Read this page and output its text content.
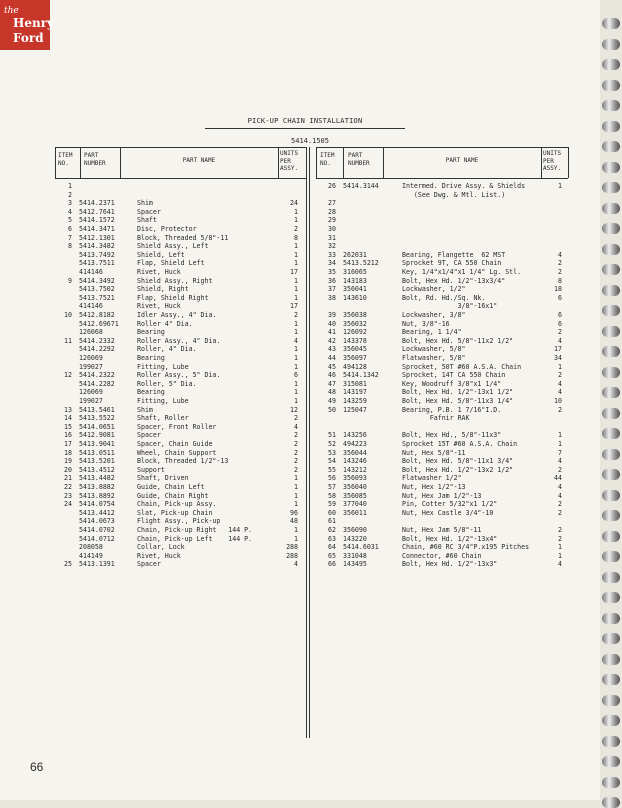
the
Henry
Ford
PICK-UP CHAIN INSTALLATION
5414.1505
ITEM NO.
PART NUMBER	PART NAME
UNITS PER ASSY.
ITEM NO.
PART NUMBER	PART NAME
UNITS PER ASSY.
1
2
3 5414.2371	Shim	24
4 5412.7641	Spacer	1
5 5414.1572	Shaft	1
6 5414.3471	Disc, Protector	2
7 5412.1301	Block, Threaded 5/8"-11	8
8 5414.3482	Shield Assy., Left	1
5413.7492	Shield, Left	1
5413.7511	Flap, Shield Left	1
414146	Rivet, Huck	17
9 5414.3492	Shield Assy., Right	1
5413.7502	Shield, Right	1
5413.7521	Flap, Shield Right	1
414146	Rivet, Huck	17
10 5412.8182	Idler Assy., 4" Dia.	2
5412.69671	Roller 4" Dia.	1
126068	Bearing	1
11 5414.2332	Roller Assy., 4" Dia.	4
5414.2292	Roller, 4" Dia.	1
126069	Bearing	1
199027	Fitting, Lube	1
12 5414.2322	Roller Assy., 5" Dia.	6
5414.2282	Roller, 5" Dia.	1
126069	Bearing	1
199027	Fitting, Lube	1
13 5413.5461	Shim	12
14 5413.5522	Shaft, Roller	2
15 5414.0651	Spacer, Front Roller	4
16 5412.9081	Spacer	2
17 5413.9041	Spacer, Chain Guide	2
18 5413.0511	Wheel, Chain Support	2
19 5413.5201	Block, Threaded 1/2"-13	2
20 5413.4512	Support	2
21 5413.4482	Shaft, Driven	1
22 5413.8882	Guide, Chain Left	1
23 5413.8892	Guide, Chain Right	1
24 5414.0754	Chain, Pick-up Assy.	1
5413.4412	Slat, Pick-up Chain	96
5414.0673	Flight Assy., Pick-up	48
5414.0702	Chain, Pick-up Right   144 P.	1
5414.0712	Chain, Pick-up Left    144 P.	1
208058	Collar, Lock	288
414149	Rivet, Huck	288
25 5413.1391	Spacer	4
26 5414.3144	Intermed. Drive Assy. & Shields	1
(See Dwg. & Mtl. List.)
27
28
29
30
31
32
33 262031	Bearing, Flangette  62 MST	4
34 5413.5212	Sprocket 9T, CA 550 Chain	2
35 316065	Key, 1/4"x1/4"x1 1/4" Lg. Stl.	2
36 143183	Bolt, Hex Hd. 1/2"-13x3/4"	8
37 356041	Lockwasher, 1/2"	18
38 143610	Bolt, Rd. Hd./Sq. Nk.	6
3/8"-16x1"
39 356038	Lockwasher, 3/8"	6
40 356032	Nut, 3/8"-16	6
41 126092	Bearing, 1 1/4"	2
42 143378	Bolt, Hex Hd. 5/8"-11x2 1/2"	4
43 356045	Lockwasher, 5/8"	17
44 356097	Flatwasher, 5/8"	34
45 494128	Sprocket, 50T #60 A.S.A. Chain	1
46 5414.1342	Sprocket, 14T CA 550 Chain	2
47 315081	Key, Woodruff 3/8"x1 1/4"	4
48 143197	Bolt, Hex Hd. 1/2"-13x1 1/2"	4
49 143259	Bolt, Hex Hd. 5/8"-11x3 1/4"	10
50 125047	Bearing, P.B. 1 7/16"I.D.	2
Fafnir RAK
51 143256	Bolt, Hex Hd., 5/8"-11x3"	1
52 494223	Sprocket 15T #60 A.S.A. Chain	1
53 356044	Nut, Hex 5/8"-11	7
54 143246	Bolt, Hex Hd. 5/8"-11x1 3/4"	4
55 143212	Bolt, Hex Hd. 1/2"-13x2 1/2"	2
56 356093	Flatwasher 1/2"	44
57 356040	Nut, Hex 1/2"-13	4
58 356085	Nut, Hex Jam 1/2"-13	4
59 377040	Pin, Cotter 5/32"x1 1/2"	2
60 356011	Nut, Hex Castle 3/4"-10	2
61
62 356090	Nut, Hex Jam 5/8"-11	2
63 143220	Bolt, Hex Hd. 1/2"-13x4"	2
64 5414.6031	Chain, #60 RC 3/4"P.x195 Pitches	1
65 331048	Connector, #60 Chain	1
66 143495	Bolt, Hex Hd. 1/2"-13x3"	4
66
